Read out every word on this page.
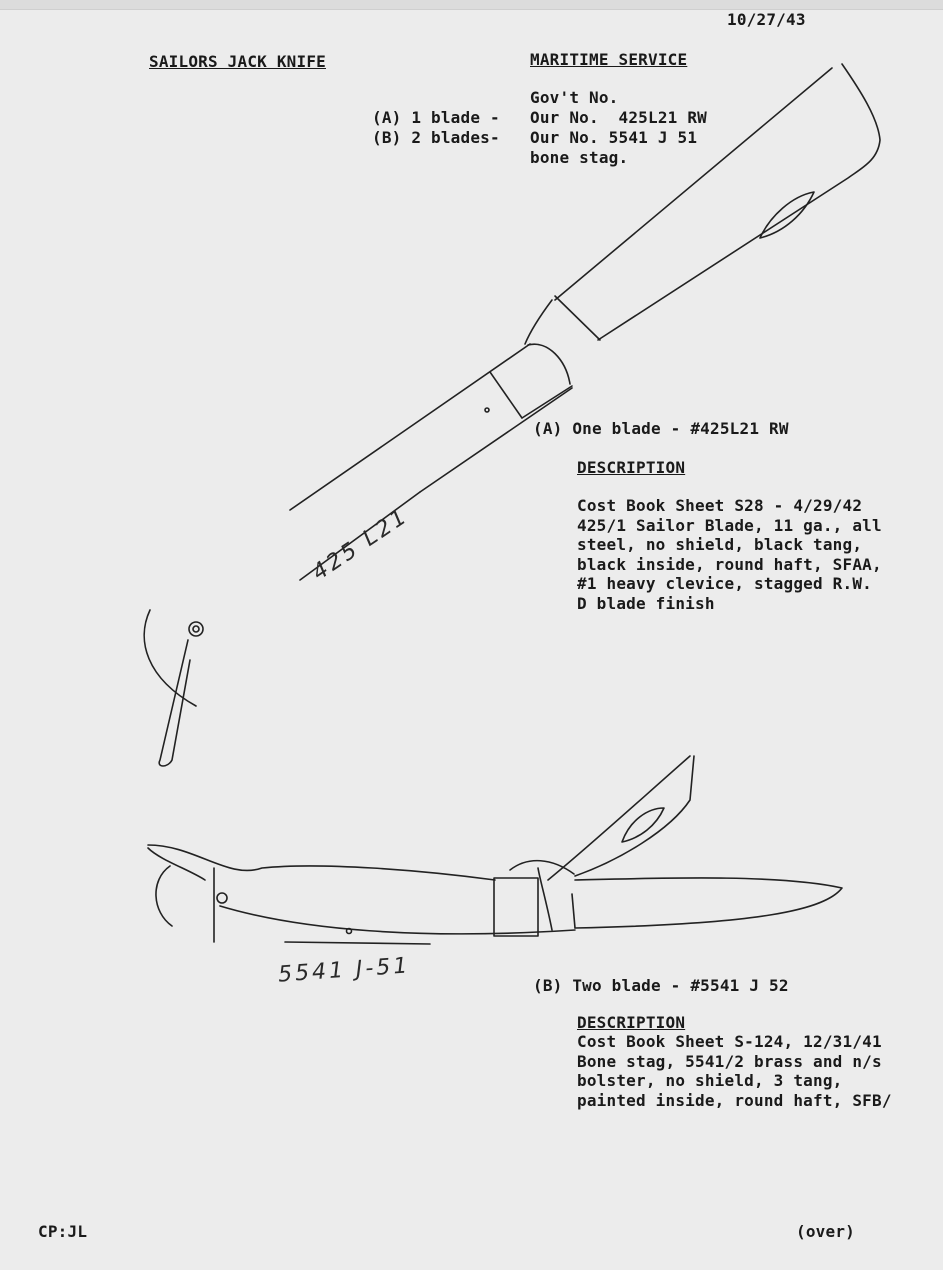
10/27/43
SAILORS JACK KNIFE	MARITIME SERVICE
Gov't No.
(A) 1 blade - Our No.  425L21 RW
(B) 2 blades- Our No. 5541 J 51
bone stag.
425 L21
5541 J-51
(A) One blade - #425L21 RW
DESCRIPTION
Cost Book Sheet S28 - 4/29/42
425/1 Sailor Blade, 11 ga., all
steel, no shield, black tang,
black inside, round haft, SFAA,
#1 heavy clevice, stagged R.W.
D blade finish
(B) Two blade - #5541 J 52
DESCRIPTION
Cost Book Sheet S-124, 12/31/41
Bone stag, 5541/2 brass and n/s
bolster, no shield, 3 tang,
painted inside, round haft, SFB/
CP:JL	(over)
